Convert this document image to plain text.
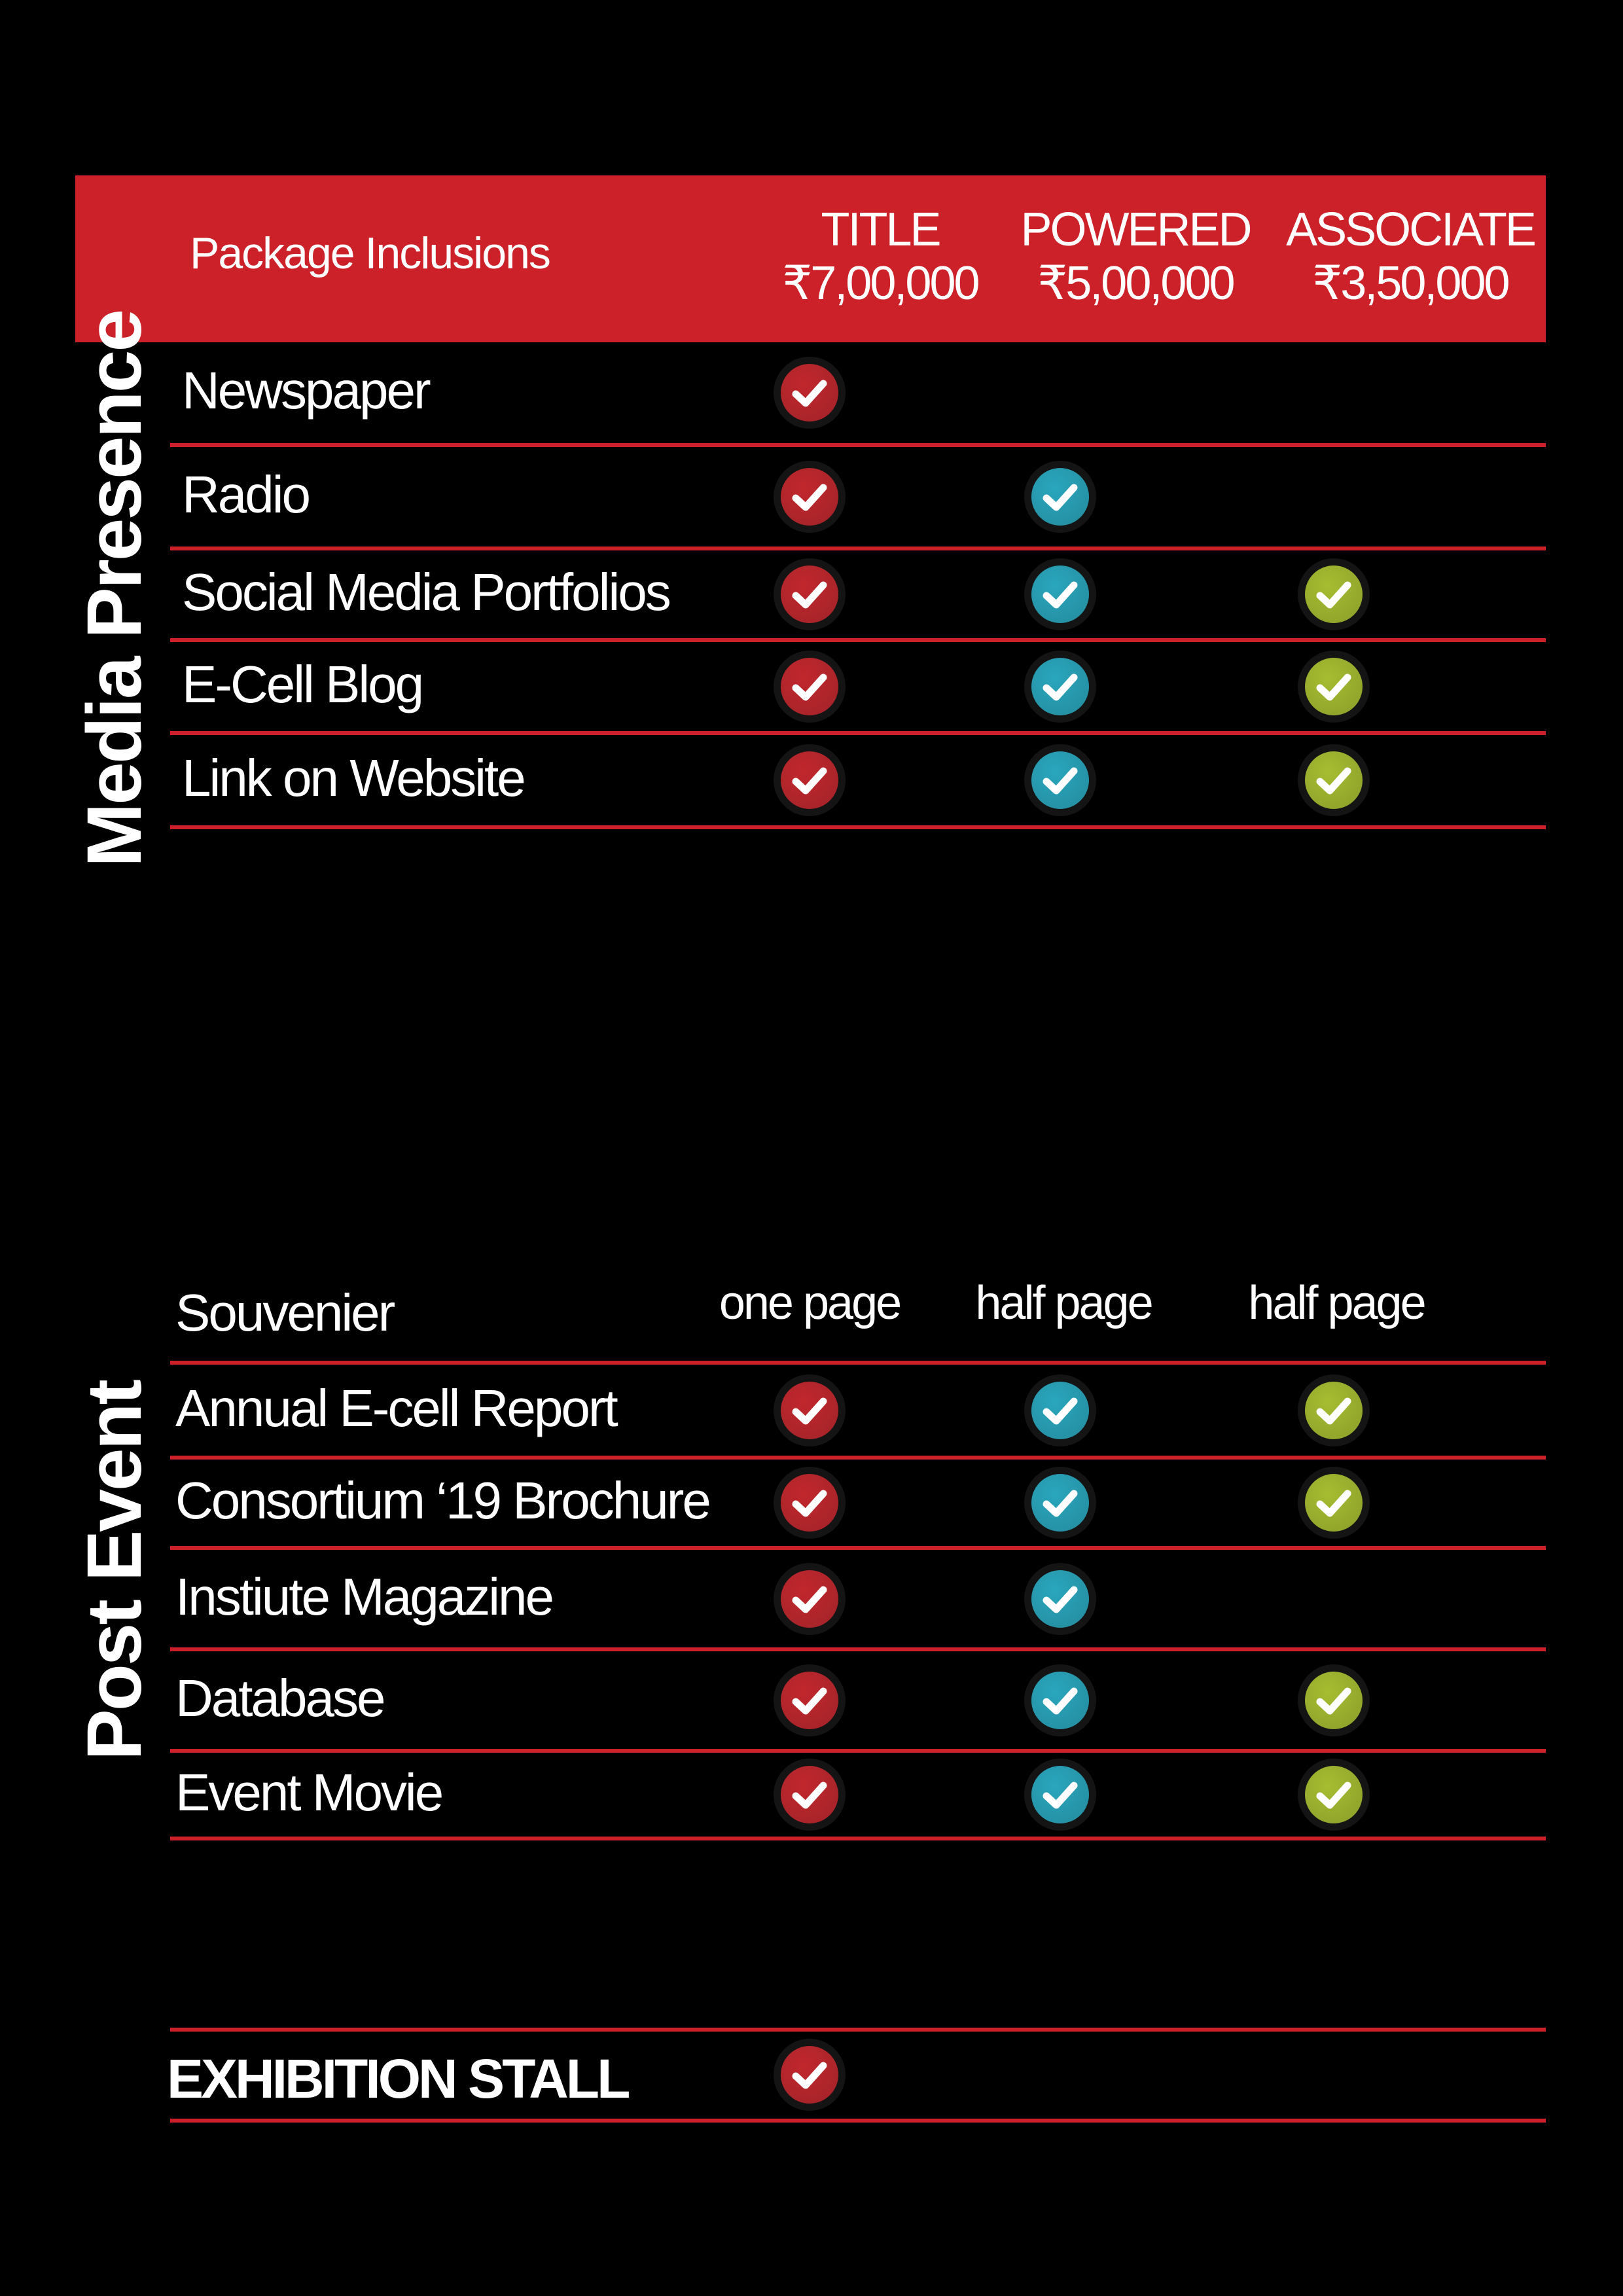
Package Inclusions	TITLE
₹7,00,000
POWERED
₹5,00,000
ASSOCIATE
₹3,50,000
Media Presence
Post Event
Newspaper
Radio
Social Media Portfolios
E-Cell Blog
Link on Website
Souvenier	one page half page half page
Annual E-cell Report
Consortium ‘19 Brochure
Instiute Magazine
Database
Event Movie
EXHIBITION STALL
